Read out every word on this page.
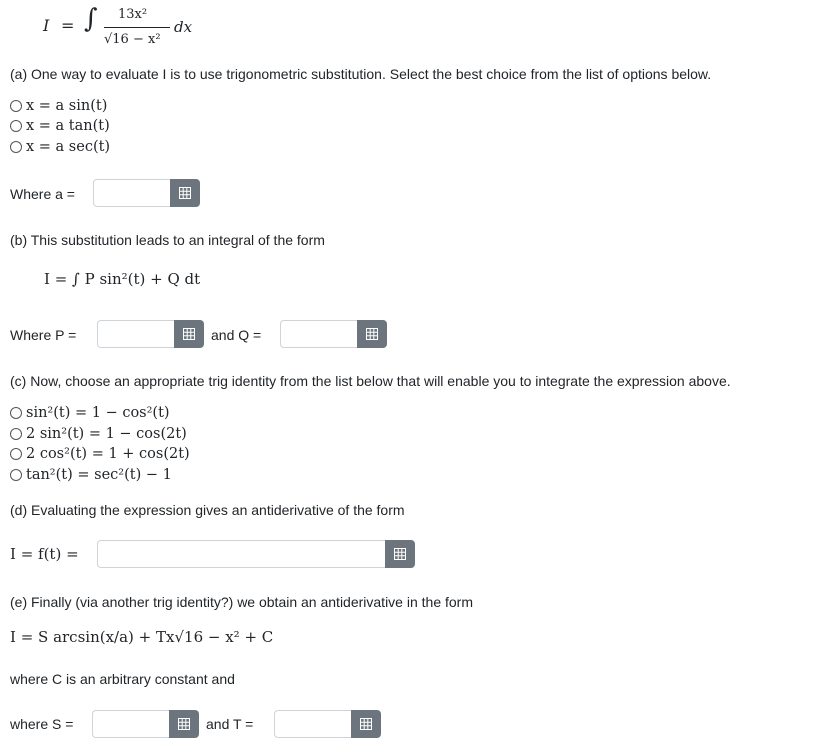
I = ∫ 13x²
√16 − x²
dx
(a) One way to evaluate I is to use trigonometric substitution. Select the best choice from the list of options below.
x = a sin(t)
x = a tan(t)
x = a sec(t)
Where a =
(b) This substitution leads to an integral of the form
I = ∫ P sin²(t) + Q dt
Where P =	and Q =
(c) Now, choose an appropriate trig identity from the list below that will enable you to integrate the expression above.
sin²(t) = 1 − cos²(t)
2 sin²(t) = 1 − cos(2t)
2 cos²(t) = 1 + cos(2t)
tan²(t) = sec²(t) − 1
(d) Evaluating the expression gives an antiderivative of the form
I = f(t) =
(e) Finally (via another trig identity?) we obtain an antiderivative in the form
I = S arcsin(x/a) + Tx√16 − x² + C
where C is an arbitrary constant and
where S =	and T =
